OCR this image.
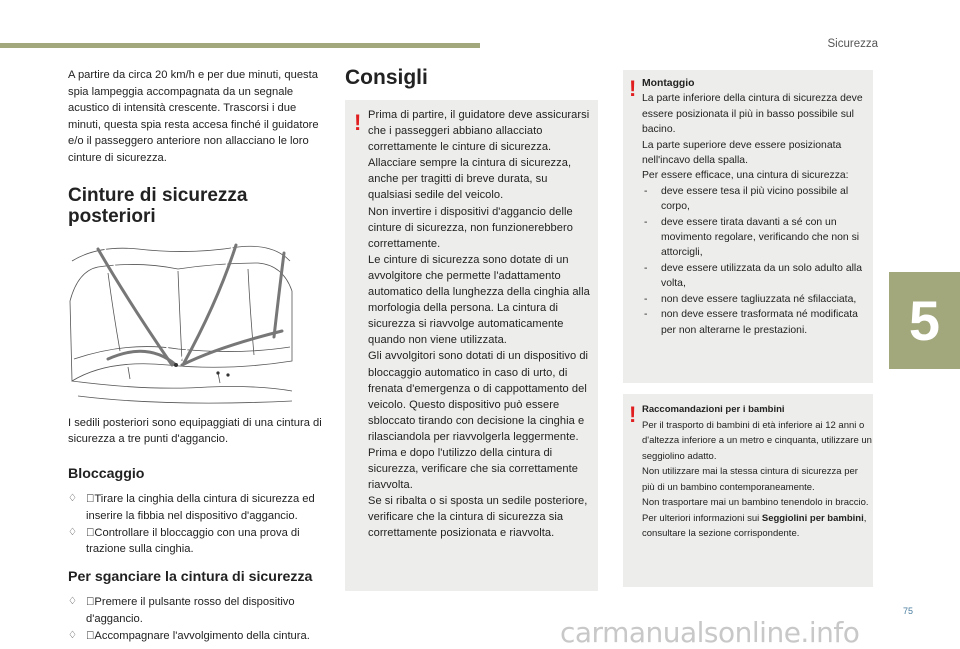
Sicurezza
5

A partire da circa 20 km/h e per due minuti, questa spia lampeggia accompagnata da un segnale acustico di intensità crescente. Trascorsi i due minuti, questa spia resta accesa finché il guidatore e/o il passeggero anteriore non allacciano le loro cinture di sicurezza.

Cinture di sicurezza posteriori

I sedili posteriori sono equipaggiati di una cintura di sicurezza a tre punti d'aggancio.

Bloccaggio
♢ Tirare la cinghia della cintura di sicurezza ed inserire la fibbia nel dispositivo d'aggancio.
♢ Controllare il bloccaggio con una prova di trazione sulla cinghia.
Per sganciare la cintura di sicurezza
♢ Premere il pulsante rosso del dispositivo d'aggancio.
♢ Accompagnare l'avvolgimento della cintura.
Consigli
! Prima di partire, il guidatore deve assicurarsi che i passeggeri abbiano allacciato correttamente le cinture di sicurezza.

Allacciare sempre la cintura di sicurezza, anche per tragitti di breve durata, su qualsiasi sedile del veicolo.

Non invertire i dispositivi d'aggancio delle cinture di sicurezza, non funzionerebbero correttamente.

Le cinture di sicurezza sono dotate di un avvolgitore che permette l'adattamento automatico della lunghezza della cinghia alla morfologia della persona. La cintura di sicurezza si riavvolge automaticamente quando non viene utilizzata.

Gli avvolgitori sono dotati di un dispositivo di bloccaggio automatico in caso di urto, di frenata d'emergenza o di cappottamento del veicolo. Questo dispositivo può essere sbloccato tirando con decisione la cinghia e rilasciandola per riavvolgerla leggermente.

Prima e dopo l'utilizzo della cintura di sicurezza, verificare che sia correttamente riavvolta.

Se si ribalta o si sposta un sedile posteriore, verificare che la cintura di sicurezza sia correttamente posizionata e riavvolta.

! Montaggio

La parte inferiore della cintura di sicurezza deve essere posizionata il più in basso possibile sul bacino.

La parte superiore deve essere posizionata nell'incavo della spalla.

Per essere efficace, una cintura di sicurezza:

- deve essere tesa il più vicino possibile al corpo,
- deve essere tirata davanti a sé con un movimento regolare, verificando che non si attorcigli,
- deve essere utilizzata da un solo adulto alla volta,
- non deve essere tagliuzzata né sfilacciata,
- non deve essere trasformata né modificata per non alterarne le prestazioni.
! Raccomandazioni per i bambini

Per il trasporto di bambini di età inferiore ai 12 anni o d'altezza inferiore a un metro e cinquanta, utilizzare un seggiolino adatto.

Non utilizzare mai la stessa cintura di sicurezza per più di un bambino contemporaneamente.

Non trasportare mai un bambino tenendolo in braccio.

Per ulteriori informazioni sui Seggiolini per bambini, consultare la sezione corrispondente.

75
carmanualsonline.info
